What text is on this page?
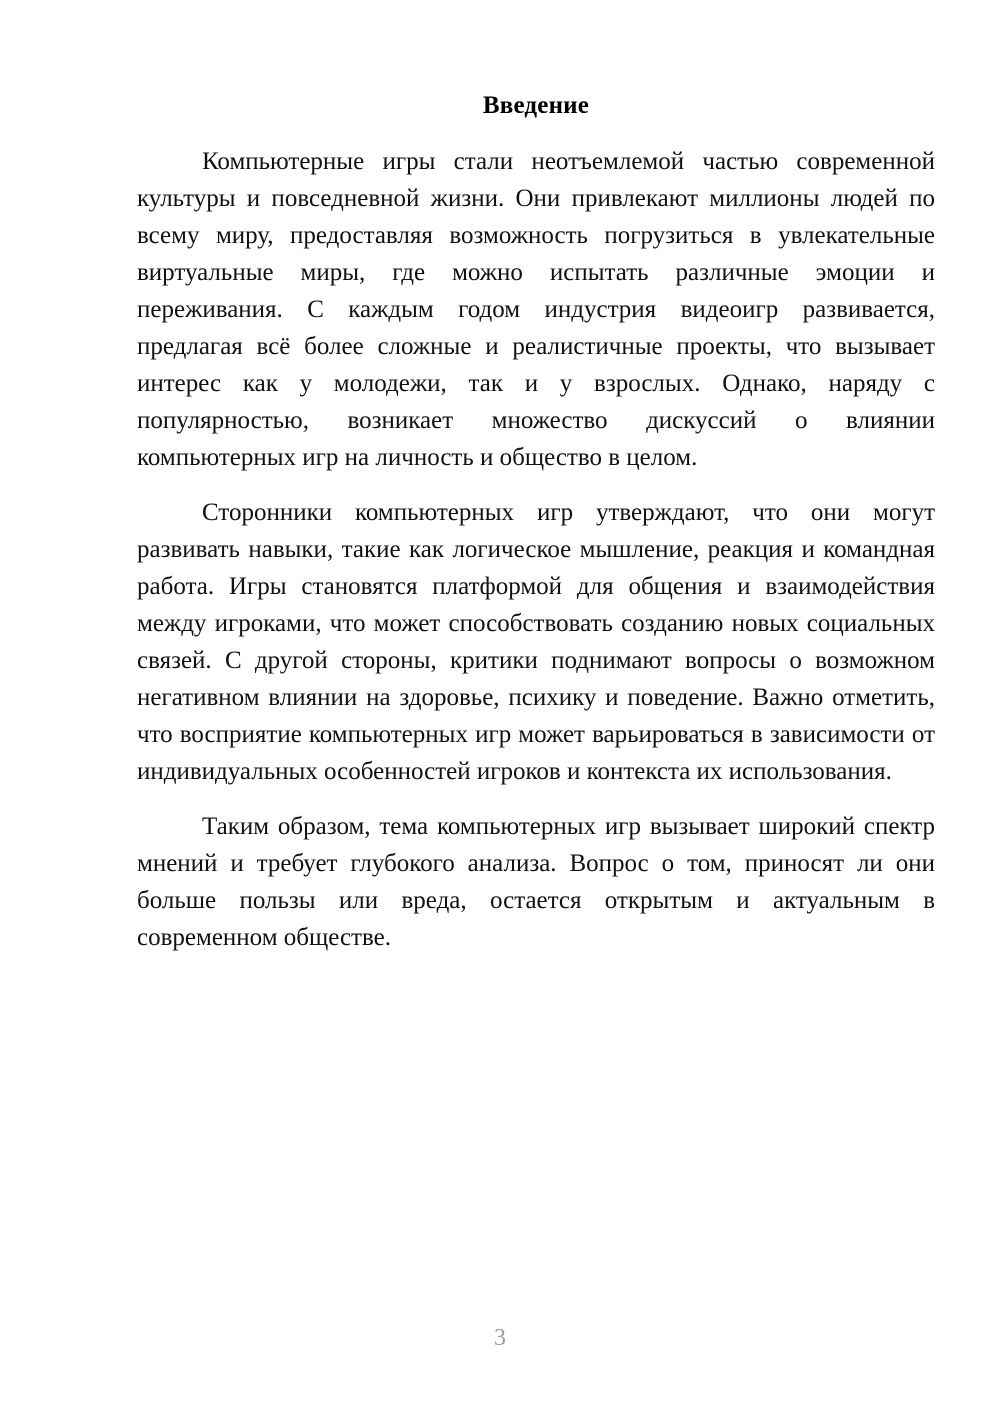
Введение

Компьютерные игры стали неотъемлемой частью современной культуры и повседневной жизни. Они привлекают миллионы людей по всему миру, предоставляя возможность погрузиться в увлекательные виртуальные миры, где можно испытать различные эмоции и переживания. С каждым годом индустрия видеоигр развивается, предлагая всё более сложные и реалистичные проекты, что вызывает интерес как у молодежи, так и у взрослых. Однако, наряду с популярностью, возникает множество дискуссий о влиянии компьютерных игр на личность и общество в целом.

Сторонники компьютерных игр утверждают, что они могут развивать навыки, такие как логическое мышление, реакция и командная работа. Игры становятся платформой для общения и взаимодействия между игроками, что может способствовать созданию новых социальных связей. С другой стороны, критики поднимают вопросы о возможном негативном влиянии на здоровье, психику и поведение. Важно отметить, что восприятие компьютерных игр может варьироваться в зависимости от индивидуальных особенностей игроков и контекста их использования.

Таким образом, тема компьютерных игр вызывает широкий спектр мнений и требует глубокого анализа. Вопрос о том, приносят ли они больше пользы или вреда, остается открытым и актуальным в современном обществе.

3
